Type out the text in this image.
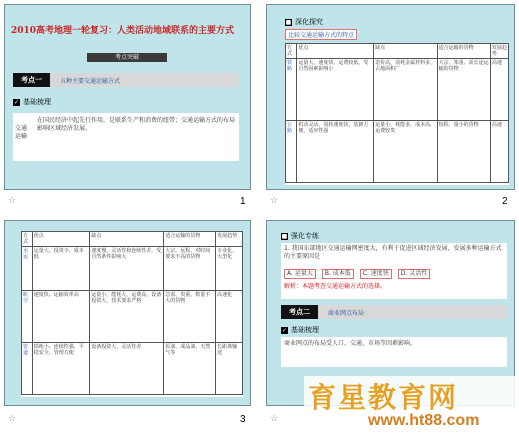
2010高考地理一轮复习：人类活动地域联系的主要方式
考点突破
考点一	五种主要交通运输方式
✓ 基础梳理
交通
运输
在国民经济中起先行作用，是联系生产和消费的纽带；交通运输方式的布局影响区域经济发展。
☆	1
■ 深化探究
比较交通运输方式的特点
方式	优点	缺点	适合运输的货物	发展趋势
铁路	运量大、速度快、运费较低，受自然因素影响小	造价高，消耗金属材料多，占地面积广	大宗、笨重、需长途运输的货物	高速
公路	机动灵活、周转速度快、装卸方便、适应性强	运量小，耗能多，成本高，运费较贵	短程、量小的货物	高速
☆	2
方式	优点	缺点	适合运输的货物	发展趋势
水运	运量大、投资少、成本低	速度慢，灵活性和连续性差，受自然条件影响大	大宗、远程、对时间要求不高的货物	专业化、大型化
航空	速度快、运输效率高	运量小，能耗大，运费高，设备投资大，技术要求严格	急需、贵重、数量不大的货物	高速化
管道	损耗小、连续性强、平稳安全、管理方便	设备投资大，灵活性差	原油、成品油、天然气等	长距离输送
☆	3
■ 强化专练
1. 我国东部地区交通运输网密度大，有利于促进区域经济发展，发展多种运输方式的主要原因是
A. 运量大	B. 成本低	C. 速度快	D. 灵活性
解析：本题考查交通运输方式的选择。
考点二	商业网点布局
✓ 基础梳理
商业网点的布局受人口、交通、市场等因素影响。
育星教育网
www.ht88.com
☆
